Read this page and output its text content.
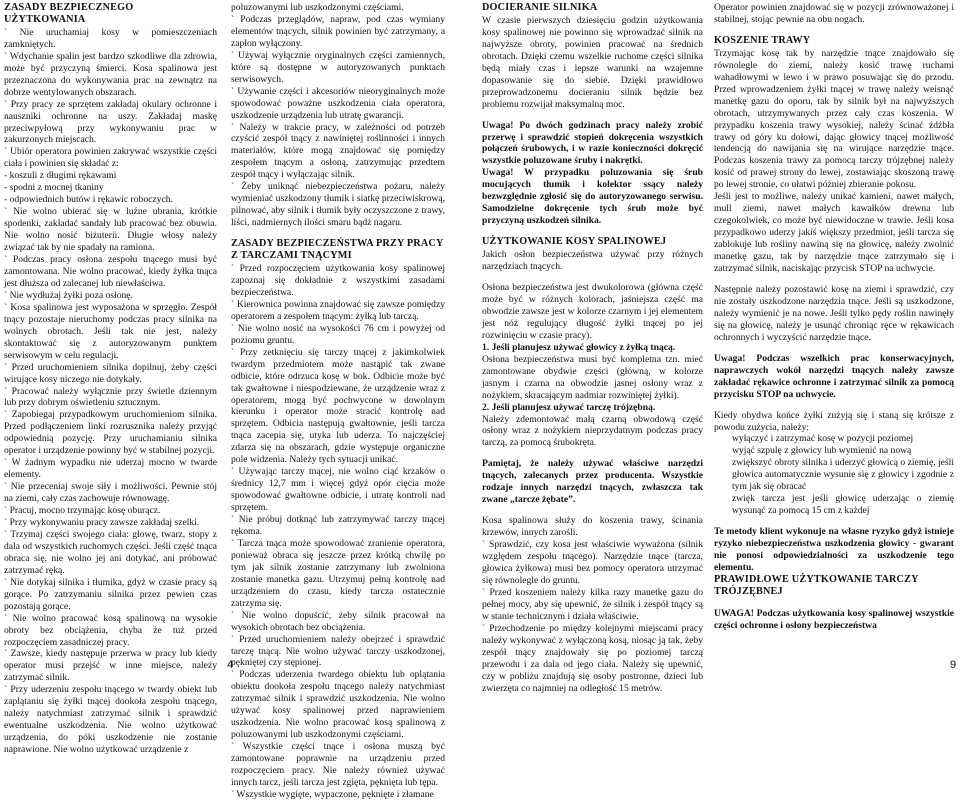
ZASADY BEZPIECZNEGO UŻYTKOWANIA

` Nie uruchamiaj kosy w pomieszczeniach zamkniętych.

` Wdychanie spalin jest bardzo szkodliwe dla zdrowia, może być przyczyną śmierci. Kosa spalinowa jest przeznaczona do wykonywania prac na zewnątrz na dobrze wentylowanych obszarach.

` Przy pracy ze sprzętem zakładaj okulary ochronne i nauszniki ochronne na uszy. Zakładaj maskę przeciwpyłową przy wykonywaniu prac w zakurzonych miejscach.

` Ubiór operatora powinien zakrywać wszystkie części ciała i powinien się składać z:

- koszuli z długimi rękawami

- spodni z mocnej tkaniny

- odpowiednich butów i rękawic roboczych.

` Nie wolno ubierać się w luźne ubrania, krótkie spodenki, zakładać sandały lub pracować bez obuwia. Nie wolno nosić biżuterii. Długie włosy należy związać tak by nie spadały na ramiona.

` Podczas pracy osłona zespołu tnącego musi być zamontowana. Nie wolno pracować, kiedy żyłka tnąca jest dłuższa od zalecanej lub niewłaściwa.

` Nie wydłużaj żyłki poza osłonę.

` Kosa spalinowa jest wyposażona w sprzęgło. Zespół tnący pozostaje nieruchomy podczas pracy silnika na wolnych obrotach. Jeśli tak nie jest, należy skontaktować się z autoryzowanym punktem serwisowym w celu regulacji.

` Przed uruchomieniem silnika dopilnuj, żeby części wirujące kosy niczego nie dotykały.

` Pracować należy wyłącznie przy świetle dziennym lub przy dobrym oświetleniu sztucznym.

` Zapobiegaj przypadkowym uruchomieniom silnika. Przed podłączeniem linki rozrusznika należy przyjąć odpowiednią pozycję. Przy uruchamianiu silnika operator i urządzenie powinny być w stabilnej pozycji.

` W żadnym wypadku nie uderzaj mocno w twarde elementy.

` Nie przeceniaj swoje siły i możliwości. Pewnie stój na ziemi, cały czas zachowuje równowagę.

` Pracuj, mocno trzymając kosę oburącz.

` Przy wykonywaniu pracy zawsze zakładaj szelki.

` Trzymaj części swojego ciała: głowę, twarz, stopy z dala od wszystkich ruchomych części. Jeśli część tnąca obraca się, nie wolno jej ani dotykać, ani próbować zatrzymać ręką.

` Nie dotykaj silnika i tłumika, gdyż w czasie pracy są gorące. Po zatrzymaniu silnika przez pewien czas pozostają gorące.

` Nie wolno pracować kosą spalinową na wysokie obroty bez obciążenia, chyba że tuż przed rozpoczęciem zasadniczej pracy.

` Zawsze, kiedy następuje przerwa w pracy lub kiedy operator musi przejść w inne miejsce, należy zatrzymać silnik.

` Przy uderzeniu zespołu tnącego w twardy obiekt lub zaplątaniu się żyłki tnącej dookoła zespołu tnącego, należy natychmiast zatrzymać silnik i sprawdzić ewentualne uszkodzenia. Nie wolno użytkować urządzenia, do póki uszkodzenie nie zostanie naprawione. Nie wolno użytkować urządzenie z

poluzowanymi lub uszkodzonymi częściami.

` Podczas przeglądów, napraw, pod czas wymiany elementów tnących, silnik powinien być zatrzymany, a zapłon wyłączony.

` Używaj wyłącznie oryginalnych części zamiennych, które są dostępne w autoryzowanych punktach serwisowych.

` Używanie części i akcesoriów nieoryginalnych może spowodować poważne uszkodzenia ciała operatora, uszkodzenie urządzenia lub utratę gwarancji.

` Należy w trakcie pracy, w zależności od potrzeb czyścić zespół tnący z nawiniętej roślinności i innych materiałów, które mogą znajdować się pomiędzy zespołem tnącym a osłoną, zatrzymując przedtem zespół tnący i wyłączając silnik.

` Żeby uniknąć niebezpieczeństwa pożaru, należy wymieniać uszkodzony tłumik i siatkę przeciwiskrową, pilnować, aby silnik i tłumik były oczyszczone z trawy, liści, nadmiernych ilości smaru bądź nagaru.

ZASADY BEZPIECZEŃSTWA PRZY PRACY Z TARCZAMI TNĄCYMI

` Przed rozpoczęciem użytkowania kosy spalinowej zapoznaj się dokładnie z wszystkimi zasadami bezpieczeństwa.

` Kierownica powinna znajdować się zawsze pomiędzy operatorem a zespołem tnącym: żyłką lub tarczą.

` Nie wolno nosić na wysokości 76 cm i powyżej od poziomu gruntu.

` Przy zetknięciu się tarczy tnącej z jakimkolwiek twardym przedmiotem może nastąpić tak zwane odbicie, które odrzuca kosę w bok. Odbicie może być tak gwałtowne i niespodziewane, że urządzenie wraz z operatorem, mogą być pochwycone w dowolnym kierunku i operator może stracić kontrolę nad sprzętem. Odbicia następują gwałtownie, jeśli tarcza tnąca zacepia się, utyka lub uderza. To najczęściej zdarza się na obszarach, gdzie występuje organiczne pole widzenia. Należy tych sytuacji unikać.

` Używając tarczy tnącej, nie wolno ciąć krzaków o średnicy 12,7 mm i więcej gdyż opór cięcia może spowodować gwałtowne odbicie, i utratę kontroli nad sprzętem.

` Nie próbuj dotknąć lub zatrzymywać tarczy tnącej rękoma.

` Tarcza tnąca może spowodować zranienie operatora, ponieważ obraca się jeszcze przez krótką chwilę po tym jak silnik zostanie zatrzymany lub zwolniona zostanie manetka gazu. Utrzymuj pełną kontrolę nad urządzeniem do czasu, kiedy tarcza ostatecznie zatrzyma się.

` Nie wolno dopuścić, żeby silnik pracował na wysokich obrotach bez obciążenia.

` Przed uruchomieniem należy obejrzeć i sprawdzić tarczę tnącą. Nie wolno używać tarczy uszkodzonej, pękniętej czy stępionej.

` Podczas uderzenia twardego obiektu lub oplątania obiektu dookoła zespołu tnącego należy natychmiast zatrzymać silnik i sprawdzić uszkodzenia. Nie wolno używać kosy spalinowej przed naprawieniem uszkodzenia. Nie wolno pracować kosą spalinową z poluzowanymi lub uszkodzonymi częściami.

` Wszystkie części tnące i osłona muszą być zamontowane poprawnie na urządzeniu przed rozpoczęciem pracy. Nie należy również używać innych tarcz, jeśli tarcza jest zgięta, pęknięta lub tępa.

` Wszystkie wygięte, wypaczone, pęknięte i złamane

DOCIERANIE SILNIKA

W czasie pierwszych dziesięciu godzin użytkowania kosy spalinowej nie powinno się wprowadzać silnik na najwyższe obroty, powinien pracować na średnich obrotach. Dzięki czemu wszelkie ruchome części silnika będą miały czas i lepsze warunki na wzajemne dopasowanie się do siebie. Dzięki prawidłowo przeprowadzonemu docieraniu silnik będzie bez problemu rozwijał maksymalną moc.

Uwaga! Po dwóch godzinach pracy należy zrobić przerwę i sprawdzić stopień dokręcenia wszystkich połączeń śrubowych, i w razie konieczności dokręcić wszystkie poluzowane śruby i nakrętki.

Uwaga! W przypadku poluzowania się śrub mocujących tłumik i kolektor ssący należy bezwzględnie zgłosić się do autoryzowanego serwisu. Samodzielne dokręcenie tych śrub może być przyczyną uszkodzeń silnika.

UŻYTKOWANIE KOSY SPALINOWEJ

Jakich osłon bezpieczeństwa używać przy różnych narzędziach tnących.

Osłona bezpieczeństwa jest dwukolorowa (główna część może być w różnych kolorach, jaśniejsza część ma obwodzie zawsze jest w kolorze czarnym i jej elementem jest nóż regulujący długość żyłki tnącej po jej rozwinięciu w czasie pracy).

1. Jeśli planujesz używać głowicy z żyłką tnącą.

Osłona bezpieczeństwa musi być kompletna tzn. mieć zamontowane obydwie części (główną, w kolorze jasnym i czarna na obwodzie jasnej osłony wraz z nożykiem, skracającym nadmiar rozwiniętej żyłki).

2. Jeśli planujesz używać tarczę trójzębną.

Należy zdemontować małą czarną obwodową część osłony wraz z nożykiem nieprzydatnym podczas pracy tarczą, za pomocą śrubokręta.

Pamiętaj, że należy używać właściwe narzędzi tnących, zalecanych przez producenta. Wszystkie rodzaje innych narzędzi tnących, zwłaszcza tak zwane „tarcze żębate”.

Kosa spalinowa służy do koszenia trawy, ścinania krzewów, innych zarośli.

` Sprawdzić, czy kosa jest właściwie wyważona (silnik względem zespołu tnącego). Narzędzie tnące (tarcza, głowica żyłkowa) musi bez pomocy operatora utrzymać się równolegle do gruntu.

` Przed koszeniem należy kilka razy manetkę gazu do pełnej mocy, aby się upewnić, że silnik i zespół tnący są w stanie technicznym i działa właściwie.

` Przechodzenie po między kolejnymi miejscami pracy należy wykonywać z wyłączoną kosą, niosąc ją tak, żeby zespół tnący znajdowały się po poziomej tarczą przewodu i za dala od jego ciała. Należy się upewnić, czy w pobliżu znajdują się osoby postronne, dzieci lub zwierzęta co najmniej na odległość 15 metrów.

Operator powinien znajdować się w pozycji zrównoważonej i stabilnej, stojąc pewnie na obu nogach.

KOSZENIE TRAWY

Trzymając kosę tak by narzędzie tnące znajdowało się równolegle do ziemi, należy kosić trawę ruchami wahadłowymi w lewo i w prawo posuwając się do przodu. Przed wprowadzeniem żyłki tnącej w trawę należy weisnąć manetkę gazu do oporu, tak by silnik był na najwyższych obrotach, utrzymywanych przez cały czas koszenia. W przypadku koszenia trawy wysokiej, należy ścinać źdźbła trawy od góry ku dołowi, dając głowicy tnącej możliwość tendencją do nawijania się na wirujące narzędzie tnące. Podczas koszenia trawy za pomocą tarczy trójzębnej należy kosić od prawej strony do lewej, zostawiając skoszoną trawę po lewej stronie, co ułatwi później zbieranie pokosu.

Jeśli jest to możliwe, należy unikać kamieni, nawet małych, mull ziemi, nawet małych kawałków drewna lub czegokolwiek, co może być niewidoczne w trawie. Jeśli kosa przypadkowo uderzy jakiś większy przedmiot, jeśli tarcza się zablokuje lub rośliny nawiną się na głowicę, należy zwolnić manetkę gazu, tak by narzędzie tnące zatrzymało się i zatrzymać silnik, naciskając przycisk STOP na uchwycie.

Następnie należy pozostawić kosę na ziemi i sprawdzić, czy nie zostały uszkodzone narzędzia tnące. Jeśli są uszkodzone, należy wymienić je na nowe. Jeśli tylko pędy roślin nawinęły się na głowicę, należy je usunąć chroniąc ręce w rękawicach ochronnych i wyczyścić narzędzie tnące.

Uwaga! Podczas wszelkich prac konserwacyjnych, naprawczych wokół narzędzi tnących należy zawsze zakładać rękawice ochronne i zatrzymać silnik za pomocą przycisku STOP na uchwycie.

Kiedy obydwa końce żyłki zużyją się i staną się krótsze z powodu zużycia, należy:

wyłączyć i zatrzymać kosę w pozycji poziomej

wyjąć szpulę z głowicy lub wymienić na nową

zwiększyć obroty silnika i uderzyć głowicą o ziemię, jeśli głowica automatycznie wysunie się z głowicy i zgodnie z tym jak się obracać

zwięk tarcza jest jeśli głowicę uderzając o ziemię wysunąć za pomocą 15 cm z każdej

Te metody klient wykonuje na własne ryzyko gdyż istnieje ryzyko niebezpieczeństwa uszkodzenia głowicy - gwarant nie ponosi odpowiedzialności za uszkodzenie tego elementu.

PRAWIDŁOWE UŻYTKOWANIE TARCZY TRÓJZĘBNEJ

UWAGA! Podczas użytkowania kosy spalinowej wszystkie części ochronne i osłony bezpieczeństwa

4	9
